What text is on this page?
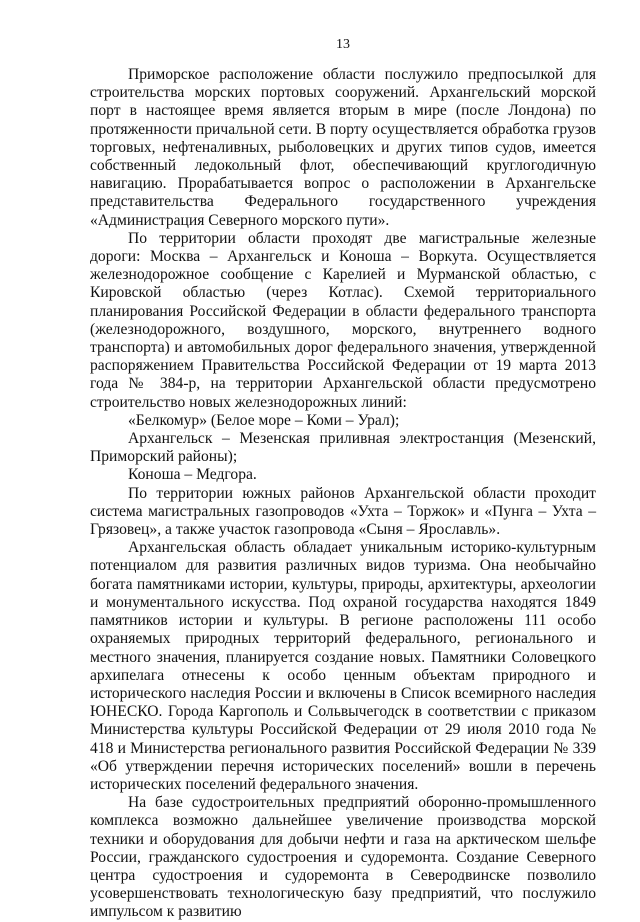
13

Приморское расположение области послужило предпосылкой для строительства морских портовых сооружений. Архангельский морской порт в настоящее время является вторым в мире (после Лондона) по протяженности причальной сети. В порту осуществляется обработка грузов торговых, нефтеналивных, рыболовецких и других типов судов, имеется собственный ледокольный флот, обеспечивающий круглогодичную навигацию. Прорабатывается вопрос о расположении в Архангельске представительства Федерального государственного учреждения «Администрация Северного морского пути».

По территории области проходят две магистральные железные дороги: Москва – Архангельск и Коноша – Воркута. Осуществляется железнодорожное сообщение с Карелией и Мурманской областью, с Кировской областью (через Котлас). Схемой территориального планирования Российской Федерации в области федерального транспорта (железнодорожного, воздушного, морского, внутреннего водного транспорта) и автомобильных дорог федерального значения, утвержденной распоряжением Правительства Российской Федерации от 19 марта 2013 года № 384-р, на территории Архангельской области предусмотрено строительство новых железнодорожных линий:

«Белкомур» (Белое море – Коми – Урал);

Архангельск – Мезенская приливная электростанция (Мезенский, Приморский районы);

Коноша – Медгора.

По территории южных районов Архангельской области проходит система магистральных газопроводов «Ухта – Торжок» и «Пунга – Ухта – Грязовец», а также участок газопровода «Сыня – Ярославль».

Архангельская область обладает уникальным историко-культурным потенциалом для развития различных видов туризма. Она необычайно богата памятниками истории, культуры, природы, архитектуры, археологии и монументального искусства. Под охраной государства находятся 1849 памятников истории и культуры. В регионе расположены 111 особо охраняемых природных территорий федерального, регионального и местного значения, планируется создание новых. Памятники Соловецкого архипелага отнесены к особо ценным объектам природного и исторического наследия России и включены в Список всемирного наследия ЮНЕСКО. Города Каргополь и Сольвычегодск в соответствии с приказом Министерства культуры Российской Федерации от 29 июля 2010 года № 418 и Министерства регионального развития Российской Федерации № 339 «Об утверждении перечня исторических поселений» вошли в перечень исторических поселений федерального значения.

На базе судостроительных предприятий оборонно-промышленного комплекса возможно дальнейшее увеличение производства морской техники и оборудования для добычи нефти и газа на арктическом шельфе России, гражданского судостроения и судоремонта. Создание Северного центра судостроения и судоремонта в Северодвинске позволило усовершенствовать технологическую базу предприятий, что послужило импульсом к развитию
